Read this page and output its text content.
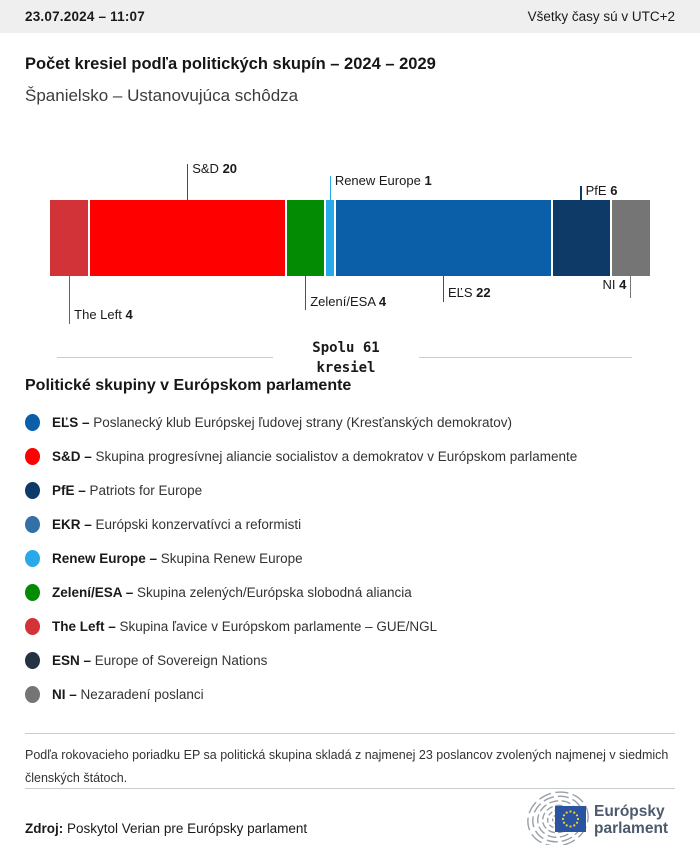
23.07.2024 – 11:07	Všetky časy sú v UTC+2
Počet kresiel podľa politických skupín – 2024 – 2029
Španielsko – Ustanovujúca schôdza
S&D 20
Renew Europe 1
PfE 6
The Left 4
Zelení/ESA 4
EĽS 22
NI 4
Spolu 61
kresiel
Politické skupiny v Európskom parlamente
EĽS – Poslanecký klub Európskej ľudovej strany (Kresťanských demokratov)
S&D – Skupina progresívnej aliancie socialistov a demokratov v Európskom parlamente
PfE – Patriots for Europe
EKR – Európski konzervatívci a reformisti
Renew Europe – Skupina Renew Europe
Zelení/ESA – Skupina zelených/Európska slobodná aliancia
The Left – Skupina ľavice v Európskom parlamente – GUE/NGL
ESN – Europe of Sovereign Nations
NI – Nezaradení poslanci
Podľa rokovacieho poriadku EP sa politická skupina skladá z najmenej 23 poslancov zvolených najmenej v siedmich členských štátoch.
Zdroj: Poskytol Verian pre Európsky parlament
Európsky
parlament
